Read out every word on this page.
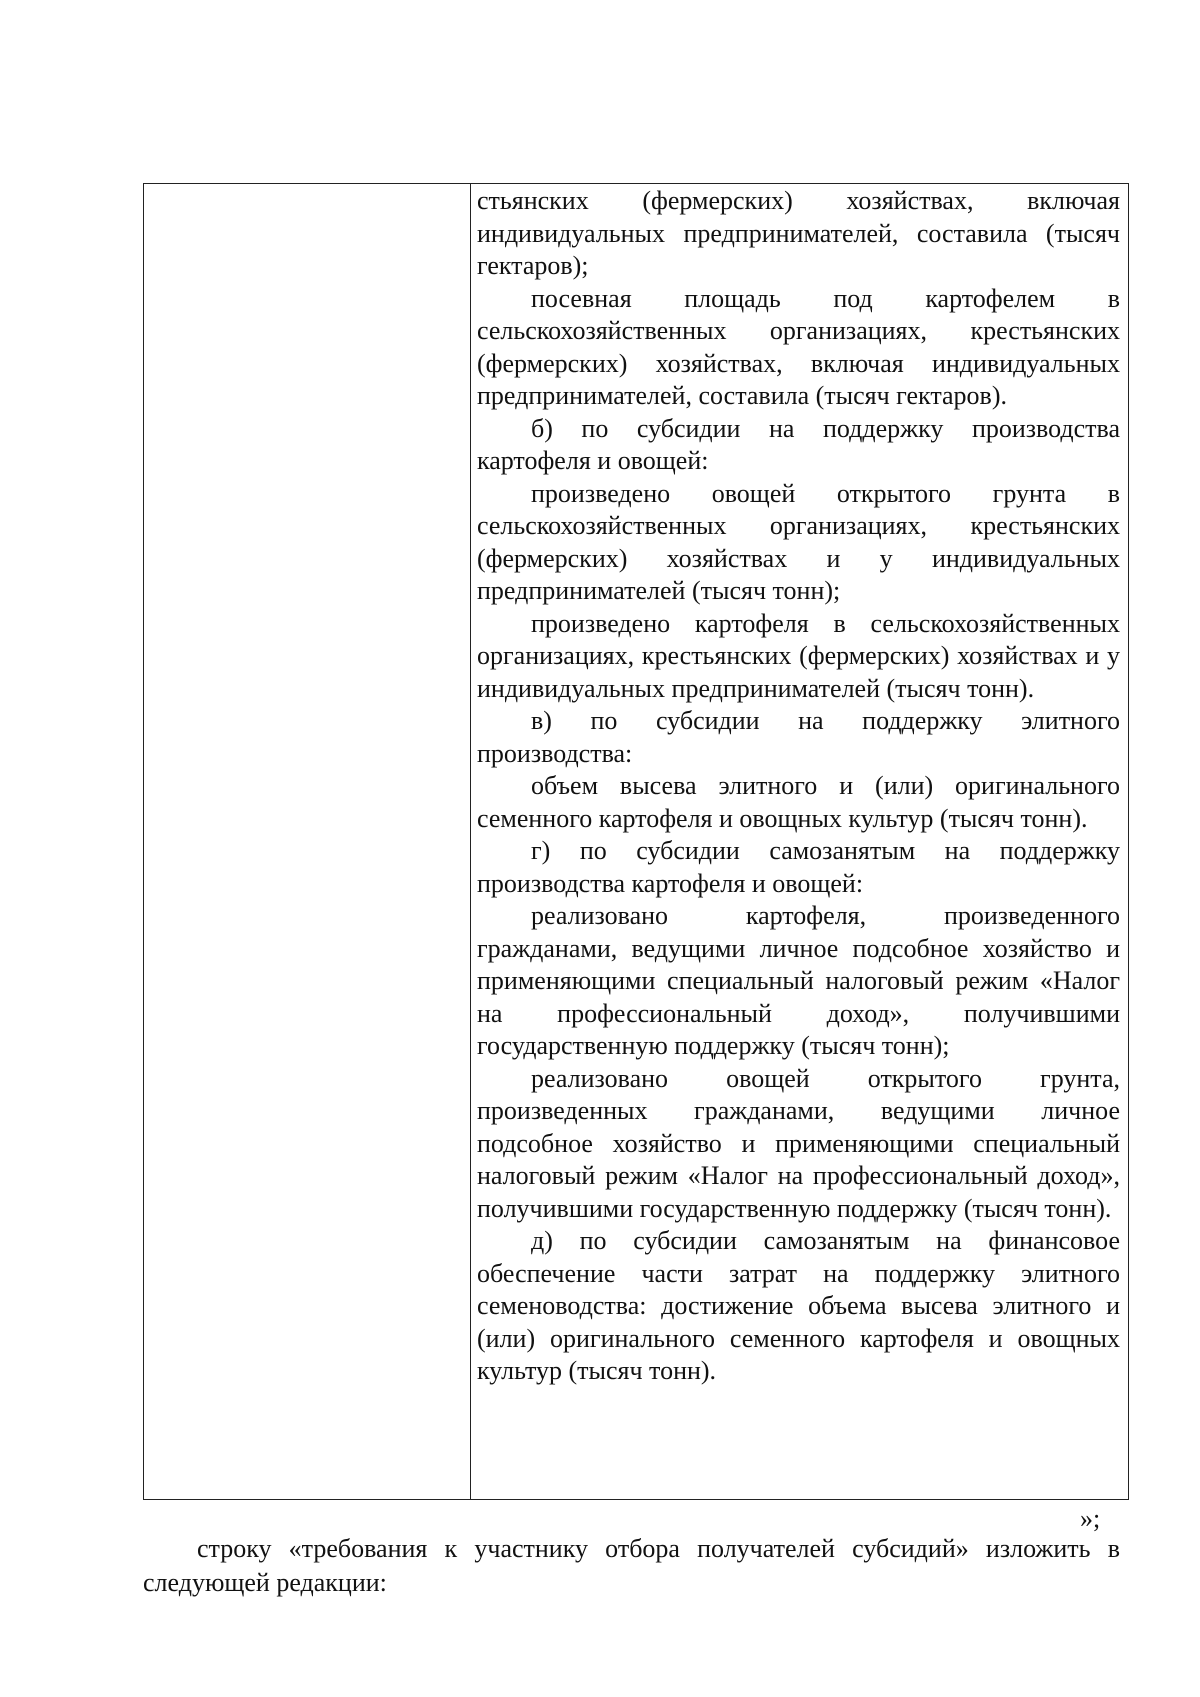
стьянских (фермерских) хозяйствах, включая индивидуальных предпринимателей, составила (тысяч гектаров);

посевная площадь под картофелем в сельскохозяйственных организациях, крестьянских (фермерских) хозяйствах, включая индивидуальных предпринимателей, составила (тысяч гектаров).

б) по субсидии на поддержку производства картофеля и овощей:

произведено овощей открытого грунта в сельскохозяйственных организациях, крестьянских (фермерских) хозяйствах и у индивидуальных предпринимателей (тысяч тонн);

произведено картофеля в сельскохозяйственных организациях, крестьянских (фермерских) хозяйствах и у индивидуальных предпринимателей (тысяч тонн).

в) по субсидии на поддержку элитного производства:

объем высева элитного и (или) оригинального семенного картофеля и овощных культур (тысяч тонн).

г) по субсидии самозанятым на поддержку производства картофеля и овощей:

реализовано картофеля, произведенного гражданами, ведущими личное подсобное хозяйство и применяющими специальный налоговый режим «Налог на профессиональный доход», получившими государственную поддержку (тысяч тонн);

реализовано овощей открытого грунта, произведенных гражданами, ведущими личное подсобное хозяйство и применяющими специальный налоговый режим «Налог на профессиональный доход», получившими государственную поддержку (тысяч тонн).

д) по субсидии самозанятым на финансовое обеспечение части затрат на поддержку элитного семеноводства: достижение объема высева элитного и (или) оригинального семенного картофеля и овощных культур (тысяч тонн).

»;

строку «требования к участнику отбора получателей субсидий» изложить в следующей редакции:
